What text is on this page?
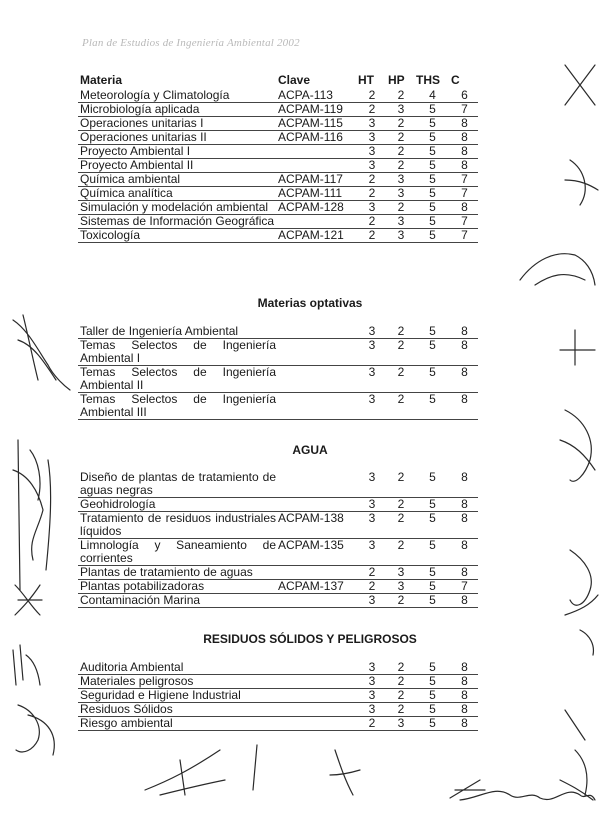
Plan de Estudios de Ingeniería Ambiental 2002
Materia	Clave	HT	HP	THS	C
Meteorología y Climatología	ACPA-113	2	2	4	6
Microbiología aplicada	ACPAM-119	2	3	5	7
Operaciones unitarias I	ACPAM-115	3	2	5	8
Operaciones unitarias II	ACPAM-116	3	2	5	8
Proyecto Ambiental I		3	2	5	8
Proyecto Ambiental II		3	2	5	8
Química ambiental	ACPAM-117	2	3	5	7
Química analítica	ACPAM-111	2	3	5	7
Simulación y modelación ambiental	ACPAM-128	3	2	5	8
Sistemas de Información Geográfica		2	3	5	7
Toxicología	ACPAM-121	2	3	5	7
Materias optativas
Taller de Ingeniería Ambiental		3	2	5	8
Temas Selectos de Ingeniería Ambiental I		3	2	5	8
Temas Selectos de Ingeniería Ambiental II		3	2	5	8
Temas Selectos de Ingeniería Ambiental III		3	2	5	8
AGUA
Diseño de plantas de tratamiento de aguas negras		3	2	5	8
Geohidrología		3	2	5	8
Tratamiento de residuos industriales líquidos	ACPAM-138	3	2	5	8
Limnología y Saneamiento de corrientes	ACPAM-135	3	2	5	8
Plantas de tratamiento de aguas		2	3	5	8
Plantas potabilizadoras	ACPAM-137	2	3	5	7
Contaminación Marina		3	2	5	8
RESIDUOS SÓLIDOS Y PELIGROSOS
Auditoria Ambiental		3	2	5	8
Materiales peligrosos		3	2	5	8
Seguridad e Higiene Industrial		3	2	5	8
Residuos Sólidos		3	2	5	8
Riesgo ambiental		2	3	5	8
